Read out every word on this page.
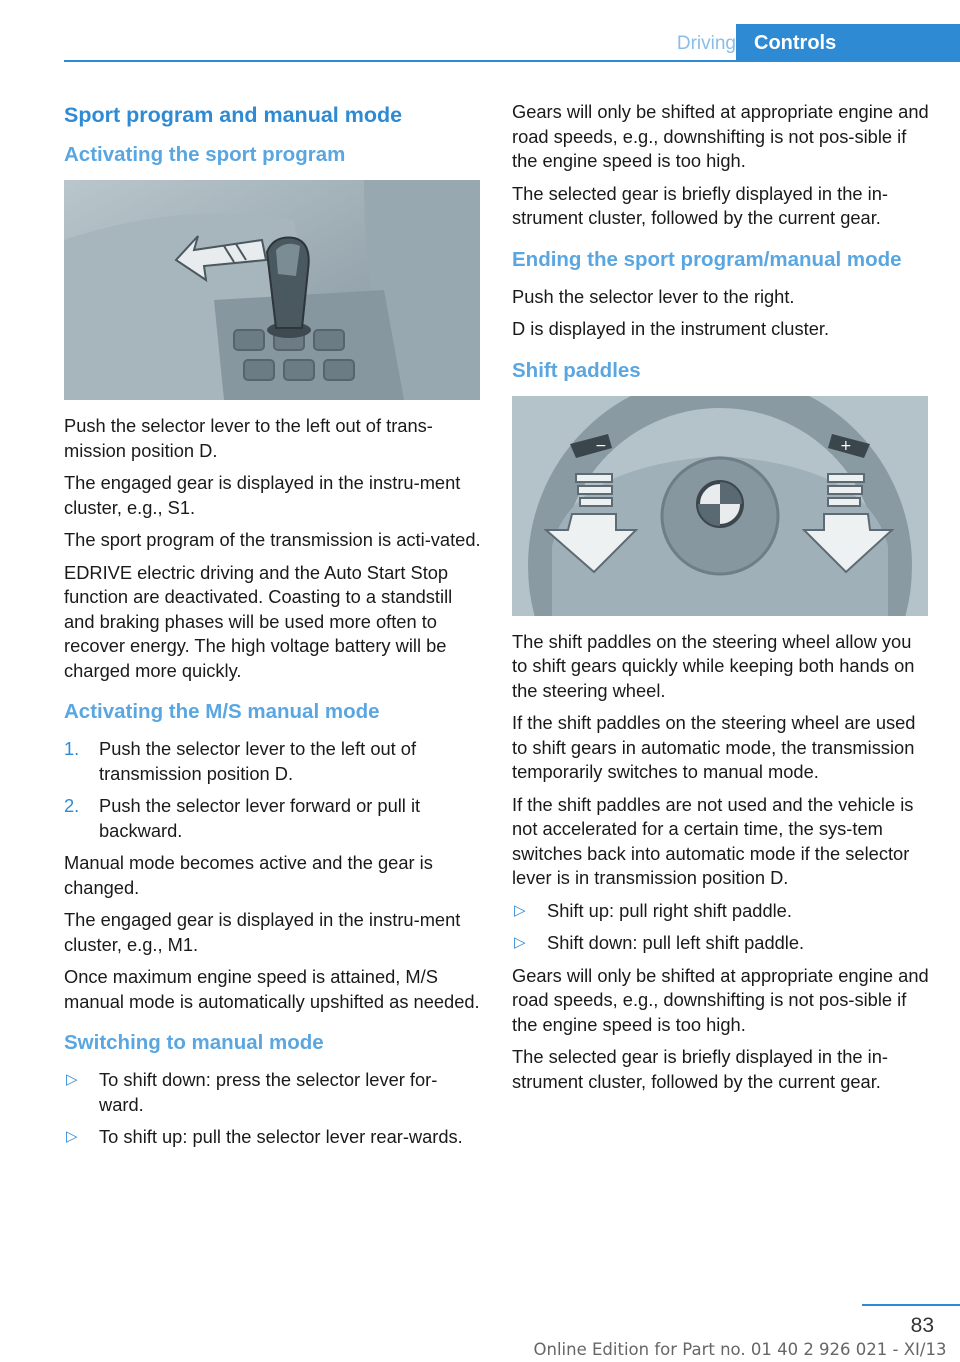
Driving Controls
Sport program and manual mode
Activating the sport program

Push the selector lever to the left out of trans‐mission position D.

The engaged gear is displayed in the instru‐ment cluster, e.g., S1.

The sport program of the transmission is acti‐vated.

EDRIVE electric driving and the Auto Start Stop function are deactivated. Coasting to a standstill and braking phases will be used more often to recover energy. The high voltage battery will be charged more quickly.

Activating the M/S manual mode
1. Push the selector lever to the left out of transmission position D.
2. Push the selector lever forward or pull it backward.

Manual mode becomes active and the gear is changed.

The engaged gear is displayed in the instru‐ment cluster, e.g., M1.

Once maximum engine speed is attained, M/S manual mode is automatically upshifted as needed.

Switching to manual mode
▷ To shift down: press the selector lever for‐ward.
▷ To shift up: pull the selector lever rear‐wards.

Gears will only be shifted at appropriate engine and road speeds, e.g., downshifting is not pos‐sible if the engine speed is too high.

The selected gear is briefly displayed in the in‐strument cluster, followed by the current gear.

Ending the sport program/manual mode

Push the selector lever to the right.

D is displayed in the instrument cluster.

Shift paddles
−	+

The shift paddles on the steering wheel allow you to shift gears quickly while keeping both hands on the steering wheel.

If the shift paddles on the steering wheel are used to shift gears in automatic mode, the transmission temporarily switches to manual mode.

If the shift paddles are not used and the vehicle is not accelerated for a certain time, the sys‐tem switches back into automatic mode if the selector lever is in transmission position D.

▷ Shift up: pull right shift paddle.
▷ Shift down: pull left shift paddle.

Gears will only be shifted at appropriate engine and road speeds, e.g., downshifting is not pos‐sible if the engine speed is too high.

The selected gear is briefly displayed in the in‐strument cluster, followed by the current gear.

83
Online Edition for Part no. 01 40 2 926 021 - XI/13
